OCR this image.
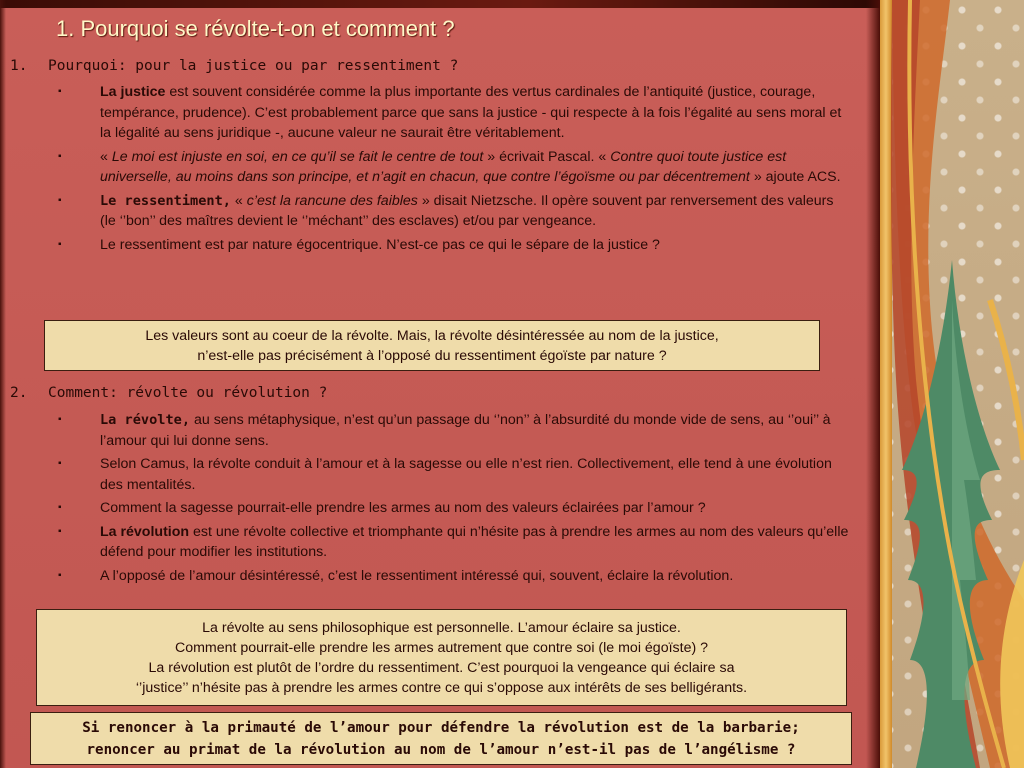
1. Pourquoi se révolte-t-on et comment ?
1. Pourquoi: pour la justice ou par ressentiment ?
▪	La justice est souvent considérée comme la plus importante des vertus cardinales de l’antiquité (justice, courage, tempérance, prudence). C’est probablement parce que sans la justice - qui respecte à la fois l’égalité au sens moral et la légalité au sens juridique -, aucune valeur ne saurait être véritablement.
▪	« Le moi est injuste en soi, en ce qu’il se fait le centre de tout » écrivait Pascal. « Contre quoi toute justice est universelle, au moins dans son principe, et n’agit en chacun, que contre l’égoïsme ou par décentrement » ajoute ACS.
▪	Le ressentiment, « c’est la rancune des faibles » disait Nietzsche. Il opère souvent par renversement des valeurs (le ‘’bon’’ des maîtres devient le ‘’méchant’’ des esclaves) et/ou par vengeance.
▪	Le ressentiment est par nature égocentrique. N’est-ce pas ce qui le sépare de la justice ?
Les valeurs sont au coeur de la révolte. Mais, la révolte désintéressée au nom de la justice,
n’est-elle pas précisément à l’opposé du ressentiment égoïste par nature ?
2. Comment: révolte ou révolution ?
▪	La révolte, au sens métaphysique, n’est qu’un passage du ‘’non’’ à l’absurdité du monde vide de sens, au ‘’oui’’ à l’amour qui lui donne sens.
▪	Selon Camus, la révolte conduit à l’amour et à la sagesse ou elle n’est rien. Collectivement, elle tend à une évolution des mentalités.
▪	Comment la sagesse pourrait-elle prendre les armes au nom des valeurs éclairées par l’amour ?
▪	La révolution est une révolte collective et triomphante qui n’hésite pas à prendre les armes au nom des valeurs qu’elle défend pour modifier les institutions.
▪	A l’opposé de l’amour désintéressé, c’est le ressentiment intéressé qui, souvent, éclaire la révolution.
La révolte au sens philosophique est personnelle. L’amour éclaire sa justice.
Comment pourrait-elle prendre les armes autrement que contre soi (le moi égoïste) ?
La révolution est plutôt de l’ordre du ressentiment. C’est pourquoi la vengeance qui éclaire sa
‘’justice’’ n’hésite pas à prendre les armes contre ce qui s’oppose aux intérêts de ses belligérants.
Si renoncer à la primauté de l’amour pour défendre la révolution est de la barbarie;
renoncer au primat de la révolution au nom de l’amour n’est-il pas de l’angélisme ?
